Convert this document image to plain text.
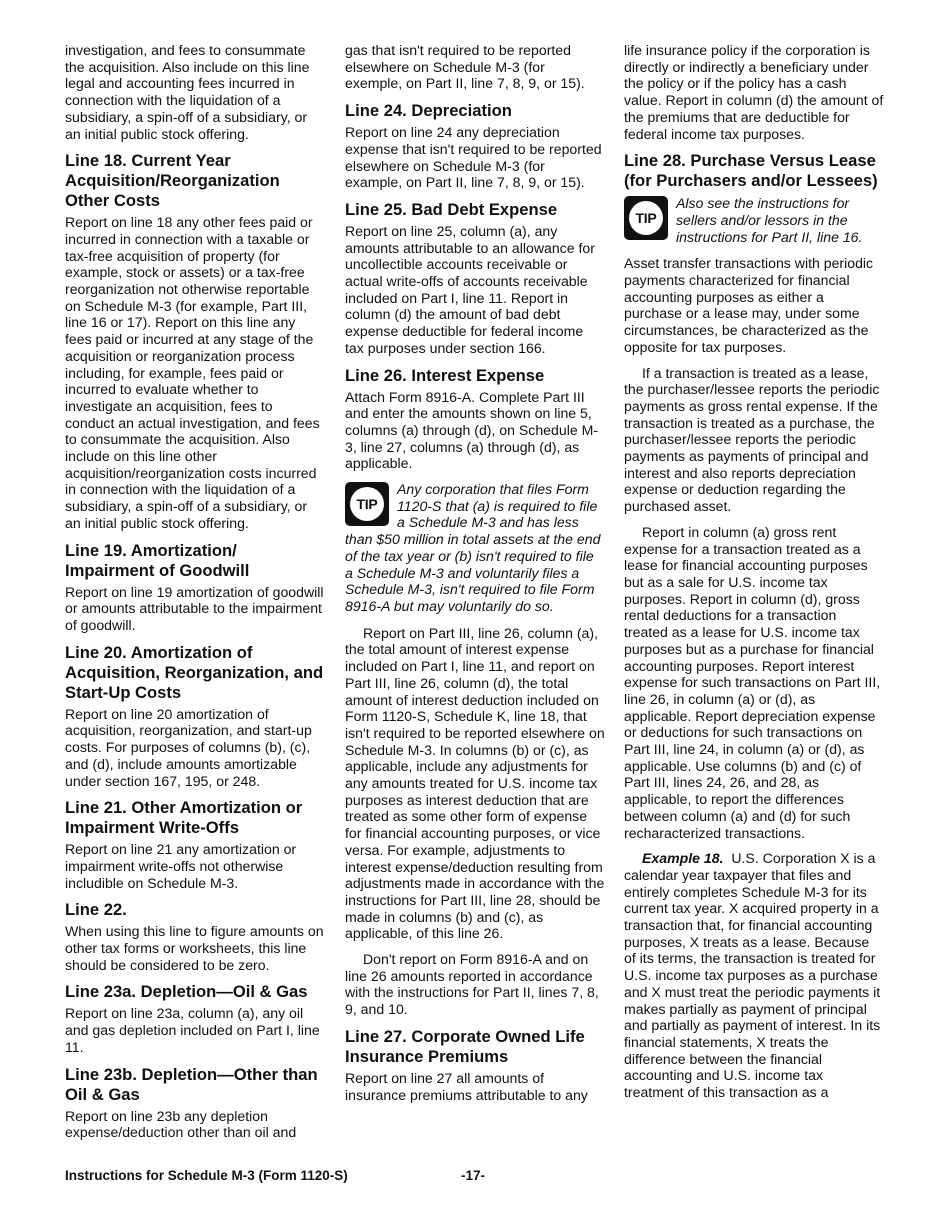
investigation, and fees to consummate the acquisition. Also include on this line legal and accounting fees incurred in connection with the liquidation of a subsidiary, a spin-off of a subsidiary, or an initial public stock offering.

Line 18. Current Year Acquisition/Reorganization Other Costs

Report on line 18 any other fees paid or incurred in connection with a taxable or tax-free acquisition of property (for example, stock or assets) or a tax-free reorganization not otherwise reportable on Schedule M-3 (for example, Part III, line 16 or 17). Report on this line any fees paid or incurred at any stage of the acquisition or reorganization process including, for example, fees paid or incurred to evaluate whether to investigate an acquisition, fees to conduct an actual investigation, and fees to consummate the acquisition. Also include on this line other acquisition/reorganization costs incurred in connection with the liquidation of a subsidiary, a spin-off of a subsidiary, or an initial public stock offering.

Line 19. Amortization/ Impairment of Goodwill

Report on line 19 amortization of goodwill or amounts attributable to the impairment of goodwill.

Line 20. Amortization of Acquisition, Reorganization, and Start-Up Costs

Report on line 20 amortization of acquisition, reorganization, and start-up costs. For purposes of columns (b), (c), and (d), include amounts amortizable under section 167, 195, or 248.

Line 21. Other Amortization or Impairment Write-Offs

Report on line 21 any amortization or impairment write-offs not otherwise includible on Schedule M-3.

Line 22.

When using this line to figure amounts on other tax forms or worksheets, this line should be considered to be zero.

Line 23a. Depletion—Oil & Gas

Report on line 23a, column (a), any oil and gas depletion included on Part I, line 11.

Line 23b. Depletion—Other than Oil & Gas

Report on line 23b any depletion expense/deduction other than oil and

gas that isn't required to be reported elsewhere on Schedule M-3 (for exemple, on Part II, line 7, 8, 9, or 15).

Line 24. Depreciation

Report on line 24 any depreciation expense that isn't required to be reported elsewhere on Schedule M-3 (for example, on Part II, line 7, 8, 9, or 15).

Line 25. Bad Debt Expense

Report on line 25, column (a), any amounts attributable to an allowance for uncollectible accounts receivable or actual write-offs of accounts receivable included on Part I, line 11. Report in column (d) the amount of bad debt expense deductible for federal income tax purposes under section 166.

Line 26. Interest Expense

Attach Form 8916-A. Complete Part III and enter the amounts shown on line 5, columns (a) through (d), on Schedule M-3, line 27, columns (a) through (d), as applicable.

TIP
Any corporation that files Form 1120-S that (a) is required to file a Schedule M-3 and has less than $50 million in total assets at the end of the tax year or (b) isn't required to file a Schedule M-3 and voluntarily files a Schedule M-3, isn't required to file Form 8916-A but may voluntarily do so.

Report on Part III, line 26, column (a), the total amount of interest expense included on Part I, line 11, and report on Part III, line 26, column (d), the total amount of interest deduction included on Form 1120-S, Schedule K, line 18, that isn't required to be reported elsewhere on Schedule M-3. In columns (b) or (c), as applicable, include any adjustments for any amounts treated for U.S. income tax purposes as interest deduction that are treated as some other form of expense for financial accounting purposes, or vice versa. For example, adjustments to interest expense/deduction resulting from adjustments made in accordance with the instructions for Part III, line 28, should be made in columns (b) and (c), as applicable, of this line 26.

Don't report on Form 8916-A and on line 26 amounts reported in accordance with the instructions for Part II, lines 7, 8, 9, and 10.

Line 27. Corporate Owned Life Insurance Premiums

Report on line 27 all amounts of insurance premiums attributable to any

life insurance policy if the corporation is directly or indirectly a beneficiary under the policy or if the policy has a cash value. Report in column (d) the amount of the premiums that are deductible for federal income tax purposes.

Line 28. Purchase Versus Lease (for Purchasers and/or Lessees)
TIP
Also see the instructions for sellers and/or lessors in the instructions for Part II, line 16.

Asset transfer transactions with periodic payments characterized for financial accounting purposes as either a purchase or a lease may, under some circumstances, be characterized as the opposite for tax purposes.

If a transaction is treated as a lease, the purchaser/lessee reports the periodic payments as gross rental expense. If the transaction is treated as a purchase, the purchaser/lessee reports the periodic payments as payments of principal and interest and also reports depreciation expense or deduction regarding the purchased asset.

Report in column (a) gross rent expense for a transaction treated as a lease for financial accounting purposes but as a sale for U.S. income tax purposes. Report in column (d), gross rental deductions for a transaction treated as a lease for U.S. income tax purposes but as a purchase for financial accounting purposes. Report interest expense for such transactions on Part III, line 26, in column (a) or (d), as applicable. Report depreciation expense or deductions for such transactions on Part III, line 24, in column (a) or (d), as applicable. Use columns (b) and (c) of Part III, lines 24, 26, and 28, as applicable, to report the differences between column (a) and (d) for such recharacterized transactions.

Example 18. U.S. Corporation X is a calendar year taxpayer that files and entirely completes Schedule M-3 for its current tax year. X acquired property in a transaction that, for financial accounting purposes, X treats as a lease. Because of its terms, the transaction is treated for U.S. income tax purposes as a purchase and X must treat the periodic payments it makes partially as payment of principal and partially as payment of interest. In its financial statements, X treats the difference between the financial accounting and U.S. income tax treatment of this transaction as a

Instructions for Schedule M-3 (Form 1120-S)	-17-
